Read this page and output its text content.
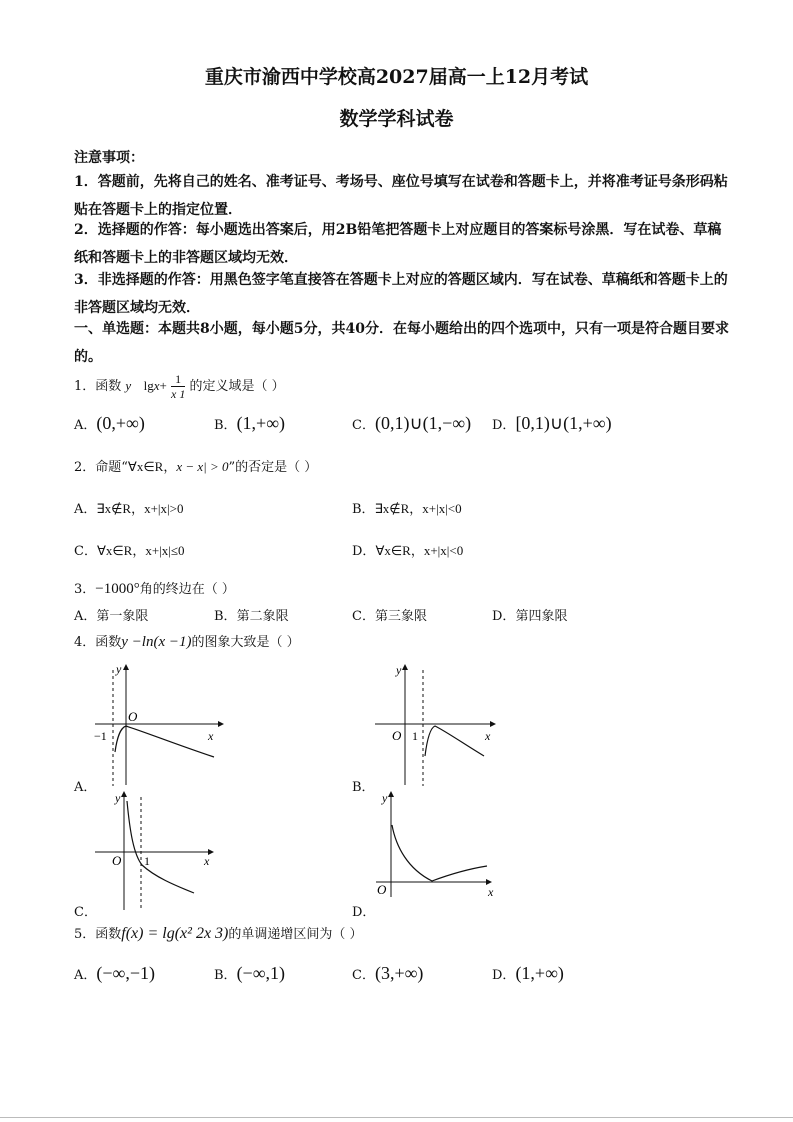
重庆市渝西中学校高2027届高一上12月考试
数学学科试卷
注意事项：
1．答题前，先将自己的姓名、准考证号、考场号、座位号填写在试卷和答题卡上，并将准考证号条形码粘贴在答题卡上的指定位置．
2．选择题的作答：每小题选出答案后，用2B铅笔把答题卡上对应题目的答案标号涂黑．写在试卷、草稿纸和答题卡上的非答题区域均无效．
3．非选择题的作答：用黑色签字笔直接答在答题卡上对应的答题区域内．写在试卷、草稿纸和答题卡上的非答题区域均无效．
一、单选题：本题共8小题，每小题5分，共40分．在每小题给出的四个选项中，只有一项是符合题目要求的。
1．函数 y $\lg x+ \frac{1}{x 1}$ 的定义域是（ ）
A．(0,+∞)	B．(1,+∞)	C．(0,1)∪(1,−∞) D．[0,1)∪(1,+∞)
2．命题“∀x∈R，x − x| > 0”的否定是（ ）
A．∃x∉R，x+|x|>0	B．∃x∉R，x+|x|<0
C．∀x∈R，x+|x|≤0	D．∀x∈R，x+|x|<0
3．−1000°角的终边在（ ）
A．第一象限	B．第二象限	C．第三象限	D．第四象限
4．函数y −ln(x −1)的图象大致是（ ）
y
O
−1	x
A．
y
O 1	x
B．
y
O 1	x
C．
y
O	x
D．
5．函数f(x) = lg(x² 2x 3)的单调递增区间为（ ）
A．(−∞,−1)	B．(−∞,1)	C．(3,+∞)	D．(1,+∞)
